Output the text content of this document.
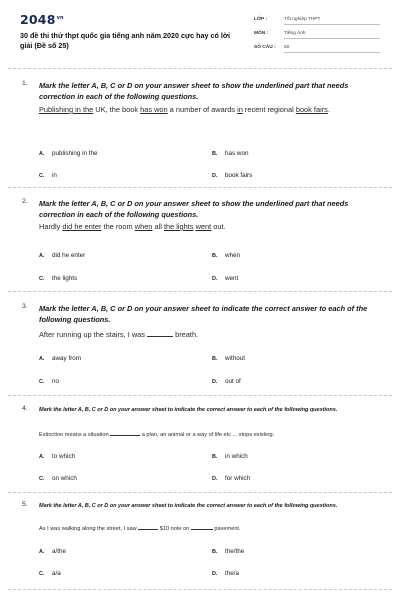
$2048^{vn}$
30 đề thi thử thpt quốc gia tiếng anh năm 2020 cực hay có lời giải (Đề số 25)
LỚP :	Tốt nghiệp THPT
MÔN :	Tiếng Anh
SỐ CÂU : 50
1. Mark the letter A, B, C or D on your answer sheet to show the underlined part that needs correction in each of the following questions.
Publishing in the UK, the book has won a number of awards in recent regional book fairs.
A. publishing in the	B. has won
C. in	D. book fairs
2. Mark the letter A, B, C or D on your answer sheet to show the underlined part that needs correction in each of the following questions.
Hardly did he enter the room when all the lights went out.
A. did he enter	B. when
C. the lights	D. went
3. Mark the letter A, B, C or D on your answer sheet to indicate the correct answer to each of the following questions.
After running up the stairs, I was	breath.
A. away from	B. without
C. no	D. out of
4. Mark the letter A, B, C or D on your answer sheet to indicate the correct answer to each of the following questions.
Extinction means a situation	a plan, an animal or a way of life etc ... stops existing.
A. to which	B. in which
C. on which	D. for which
5. Mark the letter A, B, C or D on your answer sheet to indicate the correct answer to each of the following questions.
As I was walking along the street, I saw	$10 note on	pavement.
A. a/the	B. the/the
C. a/a	D. the/a
